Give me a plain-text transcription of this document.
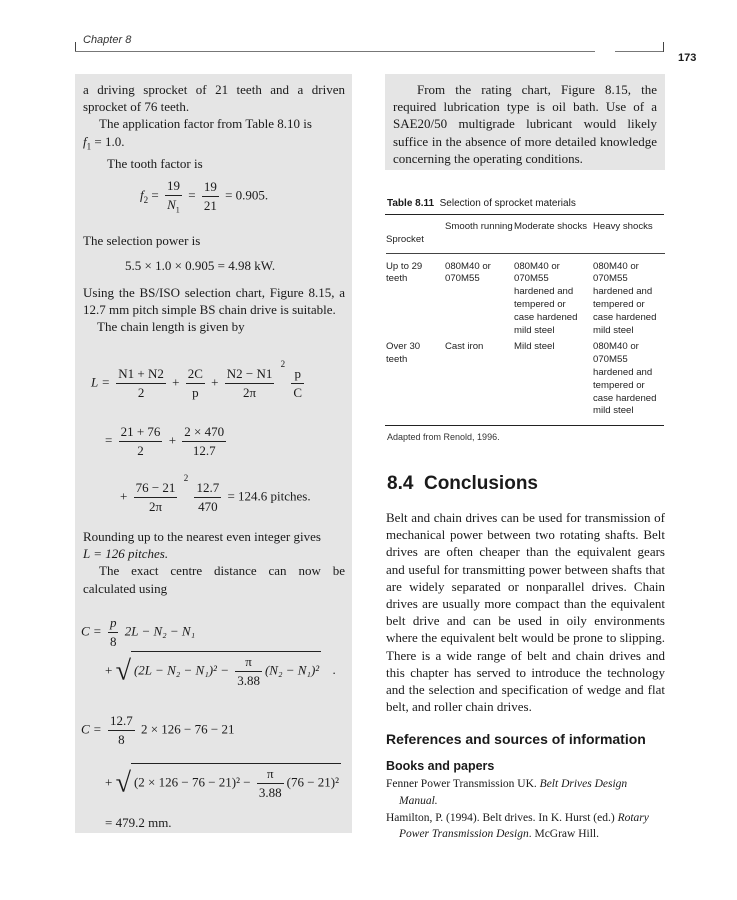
Chapter 8
173

a driving sprocket of 21 teeth and a driven sprocket of 76 teeth.

The application factor from Table 8.10 is

$f_1 = 1.0$.

The tooth factor is

$f_2 = \frac{19}{N_1} = \frac{19}{21} = 0.905$.

The selection power is

5.5 × 1.0 × 0.905 = 4.98 kW.

Using the BS/ISO selection chart, Figure 8.15, a 12.7 mm pitch simple BS chain drive is suitable.

The chain length is given by

$L = \frac{N1 + N2}{2} + \frac{2C}{p} + \frac{N2 - N1}{2\pi}$
$^2$
$\frac{p}{C}$
= $\frac{21 + 76}{2} + \frac{2 \times 470}{12.7}$
+ $\frac{76 - 21}{2\pi}$
$^2$
$\frac{12.7}{470} = 124.6$ pitches.

Rounding up to the nearest even integer gives

L = 126 pitches.

The exact centre distance can now be calculated using

$C = \frac{p}{8} 2L - N_2 - N_1$
+ √ $(2L - N_2 - N_1)^2 - \frac{\pi}{3.88} (N_2 - N_1)^2$ .
$C = \frac{12.7}{8} 2 \times 126 - 76 - 21$
+ √ $(2 \times 126 - 76 - 21)^2 - \frac{\pi}{3.88} (76 - 21)^2$
= 479.2 mm.

From the rating chart, Figure 8.15, the required lubrication type is oil bath. Use of a SAE20/50 multigrade lubricant would likely suffice in the absence of more detailed knowledge concerning the operating conditions.

Table 8.11 Selection of sprocket materials
Sprocket	Smooth running	Moderate shocks	Heavy shocks

Up to 29 teeth	080M40 or 070M55	080M40 or 070M55 hardened and tempered or case hardened mild steel	080M40 or 070M55 hardened and tempered or case hardened mild steel

Over 30 teeth	Cast iron	Mild steel	080M40 or 070M55 hardened and tempered or case hardened mild steel
Adapted from Renold, 1996.
8.4 Conclusions

Belt and chain drives can be used for transmission of mechanical power between two rotating shafts. Belt drives are often cheaper than the equivalent gears and useful for transmitting power between shafts that are widely separated or nonparallel drives. Chain drives are usually more compact than the equivalent belt drive and can be used in oily environments where the equivalent belt would be prone to slipping. There is a wide range of belt and chain drives and this chapter has served to introduce the technology and the selection and specification of wedge and flat belt, and roller chain drives.

References and sources of information
Books and papers

Fenner Power Transmission UK. Belt Drives Design Manual.

Hamilton, P. (1994). Belt drives. In K. Hurst (ed.) Rotary Power Transmission Design. McGraw Hill.
